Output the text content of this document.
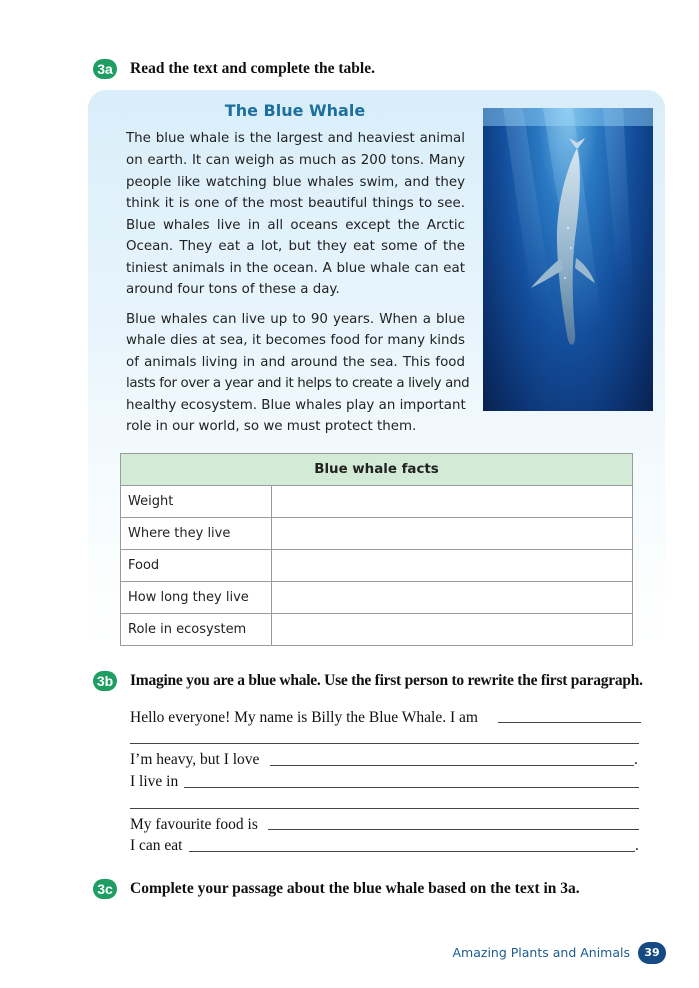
3a Read the text and complete the table.
The Blue Whale
The blue whale is the largest and heaviest animal
on earth. It can weigh as much as 200 tons. Many
people like watching blue whales swim, and they
think it is one of the most beautiful things to see.
Blue whales live in all oceans except the Arctic
Ocean. They eat a lot, but they eat some of the
tiniest animals in the ocean. A blue whale can eat
around four tons of these a day.
Blue whales can live up to 90 years. When a blue
whale dies at sea, it becomes food for many kinds
of animals living in and around the sea. This food
lasts for over a year and it helps to create a lively and
healthy ecosystem. Blue whales play an important
role in our world, so we must protect them.
Blue whale facts	
Weight	
Where they live	
Food	
How long they live	
Role in ecosystem	
3b Imagine you are a blue whale. Use the first person to rewrite the first paragraph.
Hello everyone! My name is Billy the Blue Whale. I am
I’m heavy, but I love	.
I live in
My favourite food is
I can eat	.
3c Complete your passage about the blue whale based on the text in 3a.
Amazing Plants and Animals	39
